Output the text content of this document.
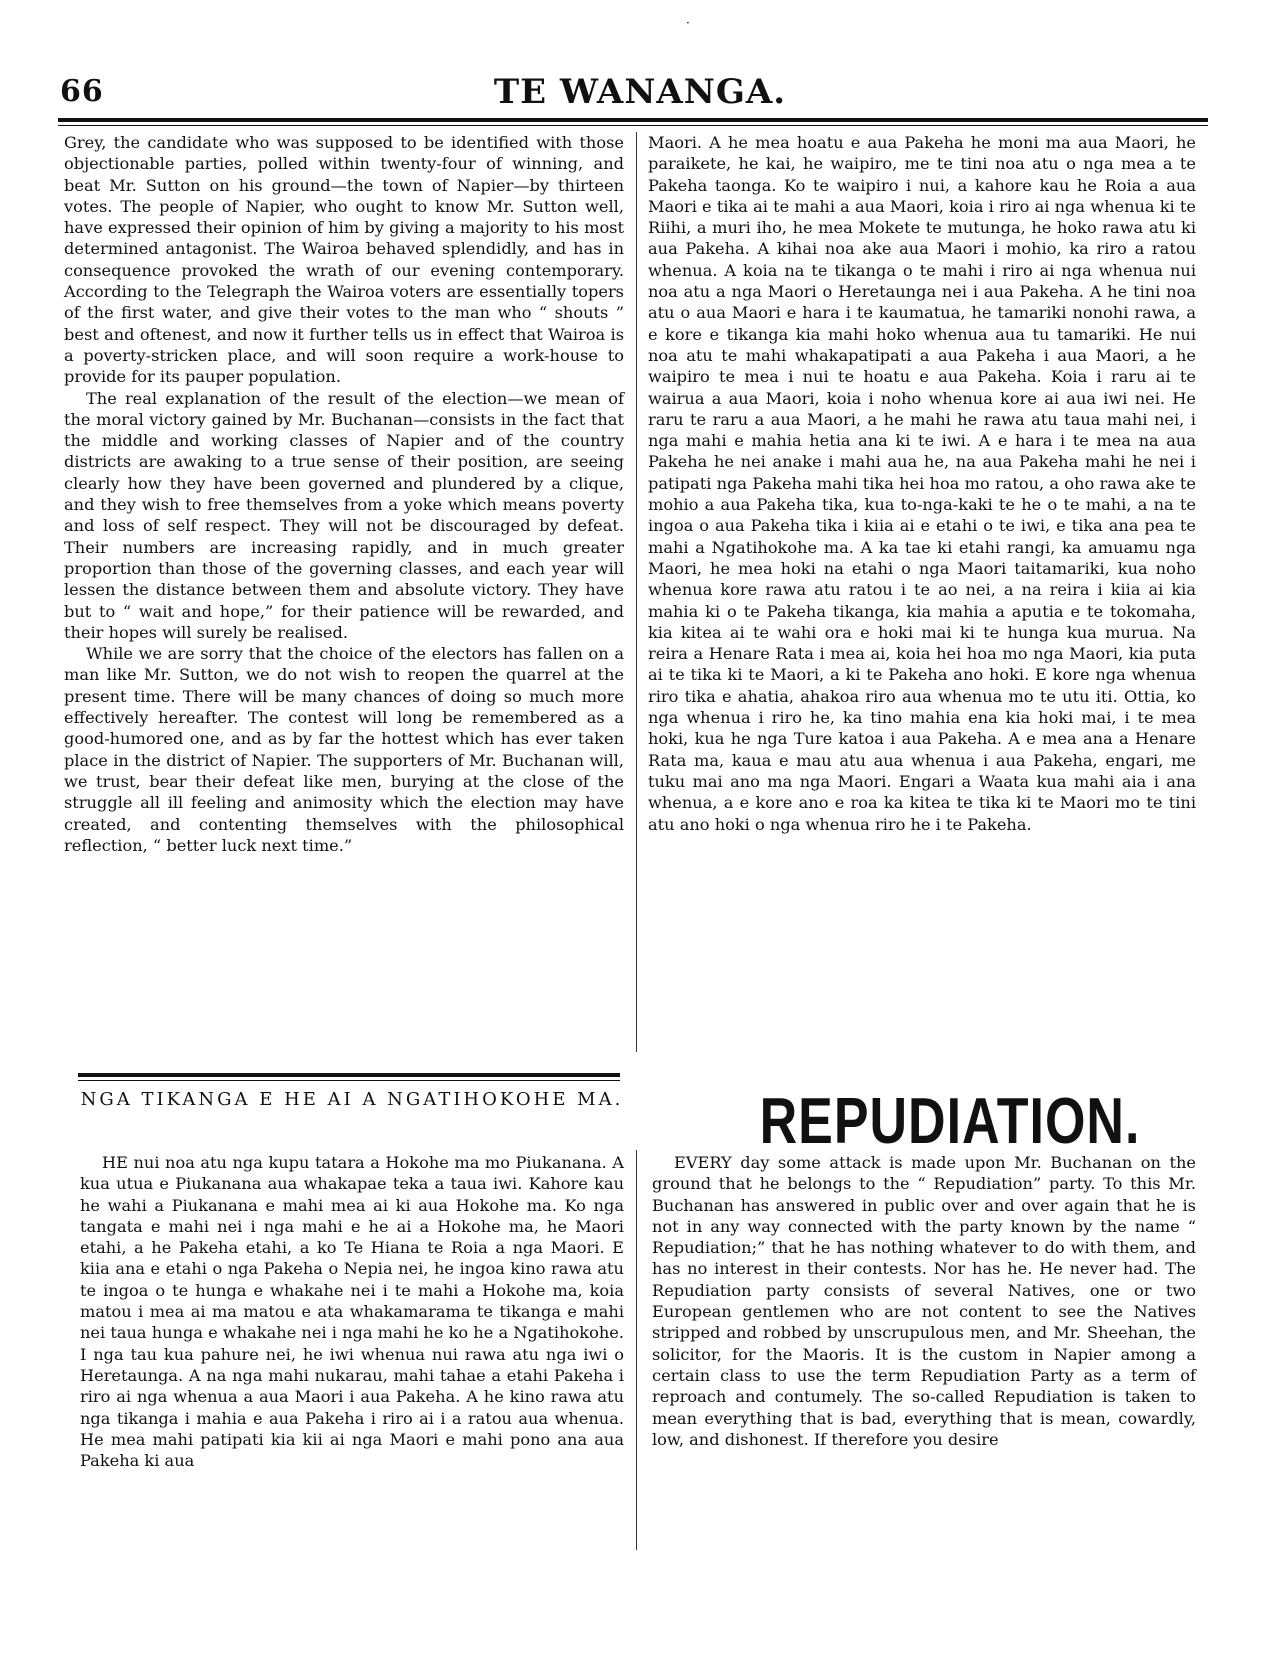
·
66	TE WANANGA.

Grey, the candidate who was supposed to be identified with those objectionable parties, polled within twenty-four of winning, and beat Mr. Sutton on his ground—the town of Napier—by thirteen votes. The people of Napier, who ought to know Mr. Sutton well, have expressed their opinion of him by giving a majority to his most determined antagonist. The Wairoa behaved splendidly, and has in consequence provoked the wrath of our evening contemporary. According to the Telegraph the Wairoa voters are essentially topers of the first water, and give their votes to the man who “ shouts ” best and oftenest, and now it further tells us in effect that Wairoa is a poverty-stricken place, and will soon require a work-house to provide for its pauper population.

The real explanation of the result of the election—we mean of the moral victory gained by Mr. Buchanan—consists in the fact that the middle and working classes of Napier and of the country districts are awaking to a true sense of their position, are seeing clearly how they have been governed and plundered by a clique, and they wish to free themselves from a yoke which means poverty and loss of self respect. They will not be discouraged by defeat. Their numbers are increasing rapidly, and in much greater proportion than those of the governing classes, and each year will lessen the distance between them and absolute victory. They have but to “ wait and hope,” for their patience will be rewarded, and their hopes will surely be realised.

While we are sorry that the choice of the electors has fallen on a man like Mr. Sutton, we do not wish to reopen the quarrel at the present time. There will be many chances of doing so much more effectively hereafter. The contest will long be remembered as a good-humored one, and as by far the hottest which has ever taken place in the district of Napier. The supporters of Mr. Buchanan will, we trust, bear their defeat like men, burying at the close of the struggle all ill feeling and animosity which the election may have created, and contenting themselves with the philosophical reflection, “ better luck next time.”

Maori. A he mea hoatu e aua Pakeha he moni ma aua Maori, he paraikete, he kai, he waipiro, me te tini noa atu o nga mea a te Pakeha taonga. Ko te waipiro i nui, a kahore kau he Roia a aua Maori e tika ai te mahi a aua Maori, koia i riro ai nga whenua ki te Riihi, a muri iho, he mea Mokete te mutunga, he hoko rawa atu ki aua Pakeha. A kihai noa ake aua Maori i mohio, ka riro a ratou whenua. A koia na te tikanga o te mahi i riro ai nga whenua nui noa atu a nga Maori o Heretaunga nei i aua Pakeha. A he tini noa atu o aua Maori e hara i te kaumatua, he tamariki nonohi rawa, a e kore e tikanga kia mahi hoko whenua aua tu tamariki. He nui noa atu te mahi whakapatipati a aua Pakeha i aua Maori, a he waipiro te mea i nui te hoatu e aua Pakeha. Koia i raru ai te wairua a aua Maori, koia i noho whenua kore ai aua iwi nei. He raru te raru a aua Maori, a he mahi he rawa atu taua mahi nei, i nga mahi e mahia hetia ana ki te iwi. A e hara i te mea na aua Pakeha he nei anake i mahi aua he, na aua Pakeha mahi he nei i patipati nga Pakeha mahi tika hei hoa mo ratou, a oho rawa ake te mohio a aua Pakeha tika, kua to-nga-kaki te he o te mahi, a na te ingoa o aua Pakeha tika i kiia ai e etahi o te iwi, e tika ana pea te mahi a Ngatihokohe ma. A ka tae ki etahi rangi, ka amuamu nga Maori, he mea hoki na etahi o nga Maori taitamariki, kua noho whenua kore rawa atu ratou i te ao nei, a na reira i kiia ai kia mahia ki o te Pakeha tikanga, kia mahia a aputia e te tokomaha, kia kitea ai te wahi ora e hoki mai ki te hunga kua murua. Na reira a Henare Rata i mea ai, koia hei hoa mo nga Maori, kia puta ai te tika ki te Maori, a ki te Pakeha ano hoki. E kore nga whenua riro tika e ahatia, ahakoa riro aua whenua mo te utu iti. Ottia, ko nga whenua i riro he, ka tino mahia ena kia hoki mai, i te mea hoki, kua he nga Ture katoa i aua Pakeha. A e mea ana a Henare Rata ma, kaua e mau atu aua whenua i aua Pakeha, engari, me tuku mai ano ma nga Maori. Engari a Waata kua mahi aia i ana whenua, a e kore ano e roa ka kitea te tika ki te Maori mo te tini atu ano hoki o nga whenua riro he i te Pakeha.

NGA TIKANGA E HE AI A NGATIHOKOHE MA.	REPUDIATION.

HE nui noa atu nga kupu tatara a Hokohe ma mo Piukanana. A kua utua e Piukanana aua whakapae teka a taua iwi. Kahore kau he wahi a Piukanana e mahi mea ai ki aua Hokohe ma. Ko nga tangata e mahi nei i nga mahi e he ai a Hokohe ma, he Maori etahi, a he Pakeha etahi, a ko Te Hiana te Roia a nga Maori. E kiia ana e etahi o nga Pakeha o Nepia nei, he ingoa kino rawa atu te ingoa o te hunga e whakahe nei i te mahi a Hokohe ma, koia matou i mea ai ma matou e ata whakamarama te tikanga e mahi nei taua hunga e whakahe nei i nga mahi he ko he a Ngatihokohe. I nga tau kua pahure nei, he iwi whenua nui rawa atu nga iwi o Heretaunga. A na nga mahi nukarau, mahi tahae a etahi Pakeha i riro ai nga whenua a aua Maori i aua Pakeha. A he kino rawa atu nga tikanga i mahia e aua Pakeha i riro ai i a ratou aua whenua. He mea mahi patipati kia kii ai nga Maori e mahi pono ana aua Pakeha ki aua

EVERY day some attack is made upon Mr. Buchanan on the ground that he belongs to the “ Repudiation” party. To this Mr. Buchanan has answered in public over and over again that he is not in any way connected with the party known by the name “ Repudiation;” that he has nothing whatever to do with them, and has no interest in their contests. Nor has he. He never had. The Repudiation party consists of several Natives, one or two European gentlemen who are not content to see the Natives stripped and robbed by unscrupulous men, and Mr. Sheehan, the solicitor, for the Maoris. It is the custom in Napier among a certain class to use the term Repudiation Party as a term of reproach and contumely. The so-called Repudiation is taken to mean everything that is bad, everything that is mean, cowardly, low, and dishonest. If therefore you desire
